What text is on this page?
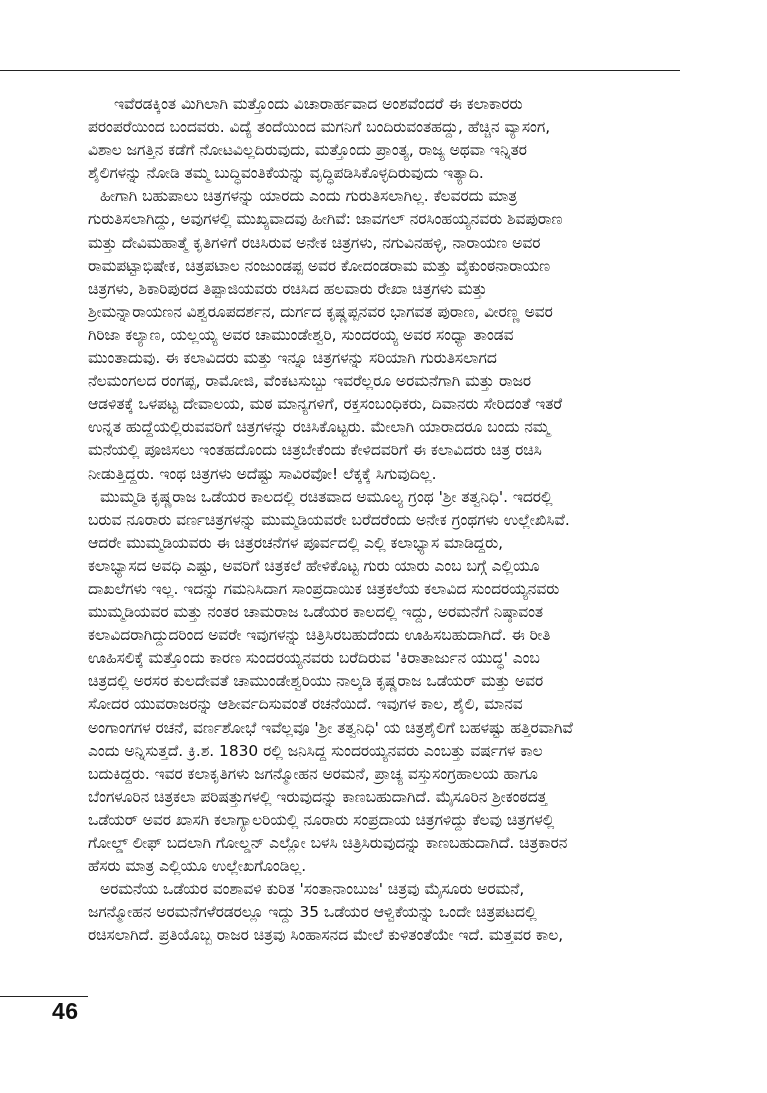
ಇವೆರಡಕ್ಕಿಂತ ಮಿಗಿಲಾಗಿ ಮತ್ತೊಂದು ವಿಚಾರಾರ್ಹವಾದ ಅಂಶವೆಂದರೆ ಈ ಕಲಾಕಾರರು
ಪರಂಪರೆಯಿಂದ ಬಂದವರು. ವಿದ್ಯೆ ತಂದೆಯಿಂದ ಮಗನಿಗೆ ಬಂದಿರುವಂತಹದ್ದು, ಹೆಚ್ಚಿನ ವ್ಯಾಸಂಗ,
ವಿಶಾಲ ಜಗತ್ತಿನ ಕಡೆಗೆ ನೋಟವಿಲ್ಲದಿರುವುದು, ಮತ್ತೊಂದು ಪ್ರಾಂತ್ಯ, ರಾಜ್ಯ ಅಥವಾ ಇನ್ನಿತರ
ಶೈಲಿಗಳನ್ನು ನೋಡಿ ತಮ್ಮ ಬುದ್ಧಿವಂತಿಕೆಯನ್ನು ವೃದ್ಧಿಪಡಿಸಿಕೊಳ್ಳದಿರುವುದು ಇತ್ಯಾದಿ.
ಹೀಗಾಗಿ ಬಹುಪಾಲು ಚಿತ್ರಗಳನ್ನು ಯಾರದು ಎಂದು ಗುರುತಿಸಲಾಗಿಲ್ಲ. ಕೆಲವರದು ಮಾತ್ರ
ಗುರುತಿಸಲಾಗಿದ್ದು, ಅವುಗಳಲ್ಲಿ ಮುಖ್ಯವಾದವು ಹೀಗಿವೆ: ಜಾವಗಲ್ ನರಸಿಂಹಯ್ಯನವರು ಶಿವಪುರಾಣ
ಮತ್ತು ದೇವಿಮಹಾತ್ಮೆ ಕೃತಿಗಳಿಗೆ ರಚಿಸಿರುವ ಅನೇಕ ಚಿತ್ರಗಳು, ನಗುವಿನಹಳ್ಳಿ, ನಾರಾಯಣ ಅವರ
ರಾಮಪಟ್ಟಾಭಿಷೇಕ, ಚಿತ್ರಪಟಾಲ ನಂಜುಂಡಪ್ಪ ಅವರ ಕೋದಂಡರಾಮ ಮತ್ತು ವೈಕುಂಠನಾರಾಯಣ
ಚಿತ್ರಗಳು, ಶಿಕಾರಿಪುರದ ತಿಪ್ಪಾಜಿಯವರು ರಚಿಸಿದ ಹಲವಾರು ರೇಖಾ ಚಿತ್ರಗಳು ಮತ್ತು
ಶ್ರೀಮನ್ನಾರಾಯಣನ ವಿಶ್ವರೂಪದರ್ಶನ, ದುರ್ಗದ ಕೃಷ್ಣಪ್ಪನವರ ಭಾಗವತ ಪುರಾಣ, ವೀರಣ್ಣ ಅವರ
ಗಿರಿಜಾ ಕಲ್ಯಾಣ, ಯಲ್ಲಯ್ಯ ಅವರ ಚಾಮುಂಡೇಶ್ವರಿ, ಸುಂದರಯ್ಯ ಅವರ ಸಂಧ್ಯಾ ತಾಂಡವ
ಮುಂತಾದುವು. ಈ ಕಲಾವಿದರು ಮತ್ತು ಇನ್ನೂ ಚಿತ್ರಗಳನ್ನು ಸರಿಯಾಗಿ ಗುರುತಿಸಲಾಗದ
ನೆಲಮಂಗಲದ ರಂಗಪ್ಪ, ರಾಮೋಜಿ, ವೆಂಕಟಸುಬ್ಬು ಇವರೆಲ್ಲರೂ ಅರಮನೆಗಾಗಿ ಮತ್ತು ರಾಜರ
ಆಡಳಿತಕ್ಕೆ ಒಳಪಟ್ಟ ದೇವಾಲಯ, ಮಠ ಮಾನ್ಯಗಳಿಗೆ, ರಕ್ತಸಂಬಂಧಿಕರು, ದಿವಾನರು ಸೇರಿದಂತೆ ಇತರೆ
ಉನ್ನತ ಹುದ್ದೆಯಲ್ಲಿರುವವರಿಗೆ ಚಿತ್ರಗಳನ್ನು ರಚಿಸಿಕೊಟ್ಟರು. ಮೇಲಾಗಿ ಯಾರಾದರೂ ಬಂದು ನಮ್ಮ
ಮನೆಯಲ್ಲಿ ಪೂಜಿಸಲು ಇಂತಹದೊಂದು ಚಿತ್ರಬೇಕೆಂದು ಕೇಳಿದವರಿಗೆ ಈ ಕಲಾವಿದರು ಚಿತ್ರ ರಚಿಸಿ
ನೀಡುತ್ತಿದ್ದರು. ಇಂಥ ಚಿತ್ರಗಳು ಅದೆಷ್ಟು ಸಾವಿರವೋ! ಲೆಕ್ಕಕ್ಕೆ ಸಿಗುವುದಿಲ್ಲ.
ಮುಮ್ಮಡಿ ಕೃಷ್ಣರಾಜ ಒಡೆಯರ ಕಾಲದಲ್ಲಿ ರಚಿತವಾದ ಅಮೂಲ್ಯ ಗ್ರಂಥ 'ಶ್ರೀ ತತ್ವನಿಧಿ'. ಇದರಲ್ಲಿ
ಬರುವ ನೂರಾರು ವರ್ಣಚಿತ್ರಗಳನ್ನು ಮುಮ್ಮಡಿಯವರೇ ಬರೆದರೆಂದು ಅನೇಕ ಗ್ರಂಥಗಳು ಉಲ್ಲೇಖಿಸಿವೆ.
ಆದರೇ ಮುಮ್ಮಡಿಯವರು ಈ ಚಿತ್ರರಚನೆಗಳ ಪೂರ್ವದಲ್ಲಿ ಎಲ್ಲಿ ಕಲಾಭ್ಯಾಸ ಮಾಡಿದ್ದರು,
ಕಲಾಭ್ಯಾಸದ ಅವಧಿ ಎಷ್ಟು, ಅವರಿಗೆ ಚಿತ್ರಕಲೆ ಹೇಳಿಕೊಟ್ಟ ಗುರು ಯಾರು ಎಂಬ ಬಗ್ಗೆ ಎಲ್ಲಿಯೂ
ದಾಖಲೆಗಳು ಇಲ್ಲ. ಇದನ್ನು ಗಮನಿಸಿದಾಗ ಸಾಂಪ್ರದಾಯಿಕ ಚಿತ್ರಕಲೆಯ ಕಲಾವಿದ ಸುಂದರಯ್ಯನವರು
ಮುಮ್ಮಡಿಯವರ ಮತ್ತು ನಂತರ ಚಾಮರಾಜ ಒಡೆಯರ ಕಾಲದಲ್ಲಿ ಇದ್ದು, ಅರಮನೆಗೆ ನಿಷ್ಠಾವಂತ
ಕಲಾವಿದರಾಗಿದ್ದುದರಿಂದ ಅವರೇ ಇವುಗಳನ್ನು ಚಿತ್ರಿಸಿರಬಹುದೆಂದು ಊಹಿಸಬಹುದಾಗಿದೆ. ಈ ರೀತಿ
ಊಹಿಸಲಿಕ್ಕೆ ಮತ್ತೊಂದು ಕಾರಣ ಸುಂದರಯ್ಯನವರು ಬರೆದಿರುವ 'ಕಿರಾತಾರ್ಜುನ ಯುದ್ಧ' ಎಂಬ
ಚಿತ್ರದಲ್ಲಿ ಅರಸರ ಕುಲದೇವತೆ ಚಾಮುಂಡೇಶ್ವರಿಯು ನಾಲ್ಕಡಿ ಕೃಷ್ಣರಾಜ ಒಡೆಯರ್ ಮತ್ತು ಅವರ
ಸೋದರ ಯುವರಾಜರನ್ನು ಆಶೀರ್ವದಿಸುವಂತೆ ರಚನೆಯಿದೆ. ಇವುಗಳ ಕಾಲ, ಶೈಲಿ, ಮಾನವ
ಅಂಗಾಂಗಗಳ ರಚನೆ, ವರ್ಣಶೋಭೆ ಇವೆಲ್ಲವೂ 'ಶ್ರೀ ತತ್ವನಿಧಿ' ಯ ಚಿತ್ರಶೈಲಿಗೆ ಬಹಳಷ್ಟು ಹತ್ತಿರವಾಗಿವೆ
ಎಂದು ಅನ್ನಿಸುತ್ತದೆ. ಕ್ರಿ.ಶ. 1830 ರಲ್ಲಿ ಜನಿಸಿದ್ದ ಸುಂದರಯ್ಯನವರು ಎಂಬತ್ತು ವರ್ಷಗಳ ಕಾಲ
ಬದುಕಿದ್ದರು. ಇವರ ಕಲಾಕೃತಿಗಳು ಜಗನ್ಮೋಹನ ಅರಮನೆ, ಪ್ರಾಚ್ಯ ವಸ್ತುಸಂಗ್ರಹಾಲಯ ಹಾಗೂ
ಬೆಂಗಳೂರಿನ ಚಿತ್ರಕಲಾ ಪರಿಷತ್ತುಗಳಲ್ಲಿ ಇರುವುದನ್ನು ಕಾಣಬಹುದಾಗಿದೆ. ಮೈಸೂರಿನ ಶ್ರೀಕಂಠದತ್ತ
ಒಡೆಯರ್ ಅವರ ಖಾಸಗಿ ಕಲಾಗ್ಯಾಲರಿಯಲ್ಲಿ ನೂರಾರು ಸಂಪ್ರದಾಯ ಚಿತ್ರಗಳಿದ್ದು ಕೆಲವು ಚಿತ್ರಗಳಲ್ಲಿ
ಗೋಲ್ಡ್ ಲೀಫ್ ಬದಲಾಗಿ ಗೋಲ್ಡನ್ ಎಲ್ಲೋ ಬಳಸಿ ಚಿತ್ರಿಸಿರುವುದನ್ನು ಕಾಣಬಹುದಾಗಿದೆ. ಚಿತ್ರಕಾರನ
ಹೆಸರು ಮಾತ್ರ ಎಲ್ಲಿಯೂ ಉಲ್ಲೇಖಗೊಂಡಿಲ್ಲ.
ಅರಮನೆಯ ಒಡೆಯರ ವಂಶಾವಳಿ ಕುರಿತ 'ಸಂತಾನಾಂಬುಜ' ಚಿತ್ರವು ಮೈಸೂರು ಅರಮನೆ,
ಜಗನ್ಮೋಹನ ಅರಮನೆಗಳೆರಡರಲ್ಲೂ ಇದ್ದು 35 ಒಡೆಯರ ಆಳ್ವಿಕೆಯನ್ನು ಒಂದೇ ಚಿತ್ರಪಟದಲ್ಲಿ
ರಚಿಸಲಾಗಿದೆ. ಪ್ರತಿಯೊಬ್ಬ ರಾಜರ ಚಿತ್ರವು ಸಿಂಹಾಸನದ ಮೇಲೆ ಕುಳಿತಂತೆಯೇ ಇದೆ. ಮತ್ತವರ ಕಾಲ,
46
